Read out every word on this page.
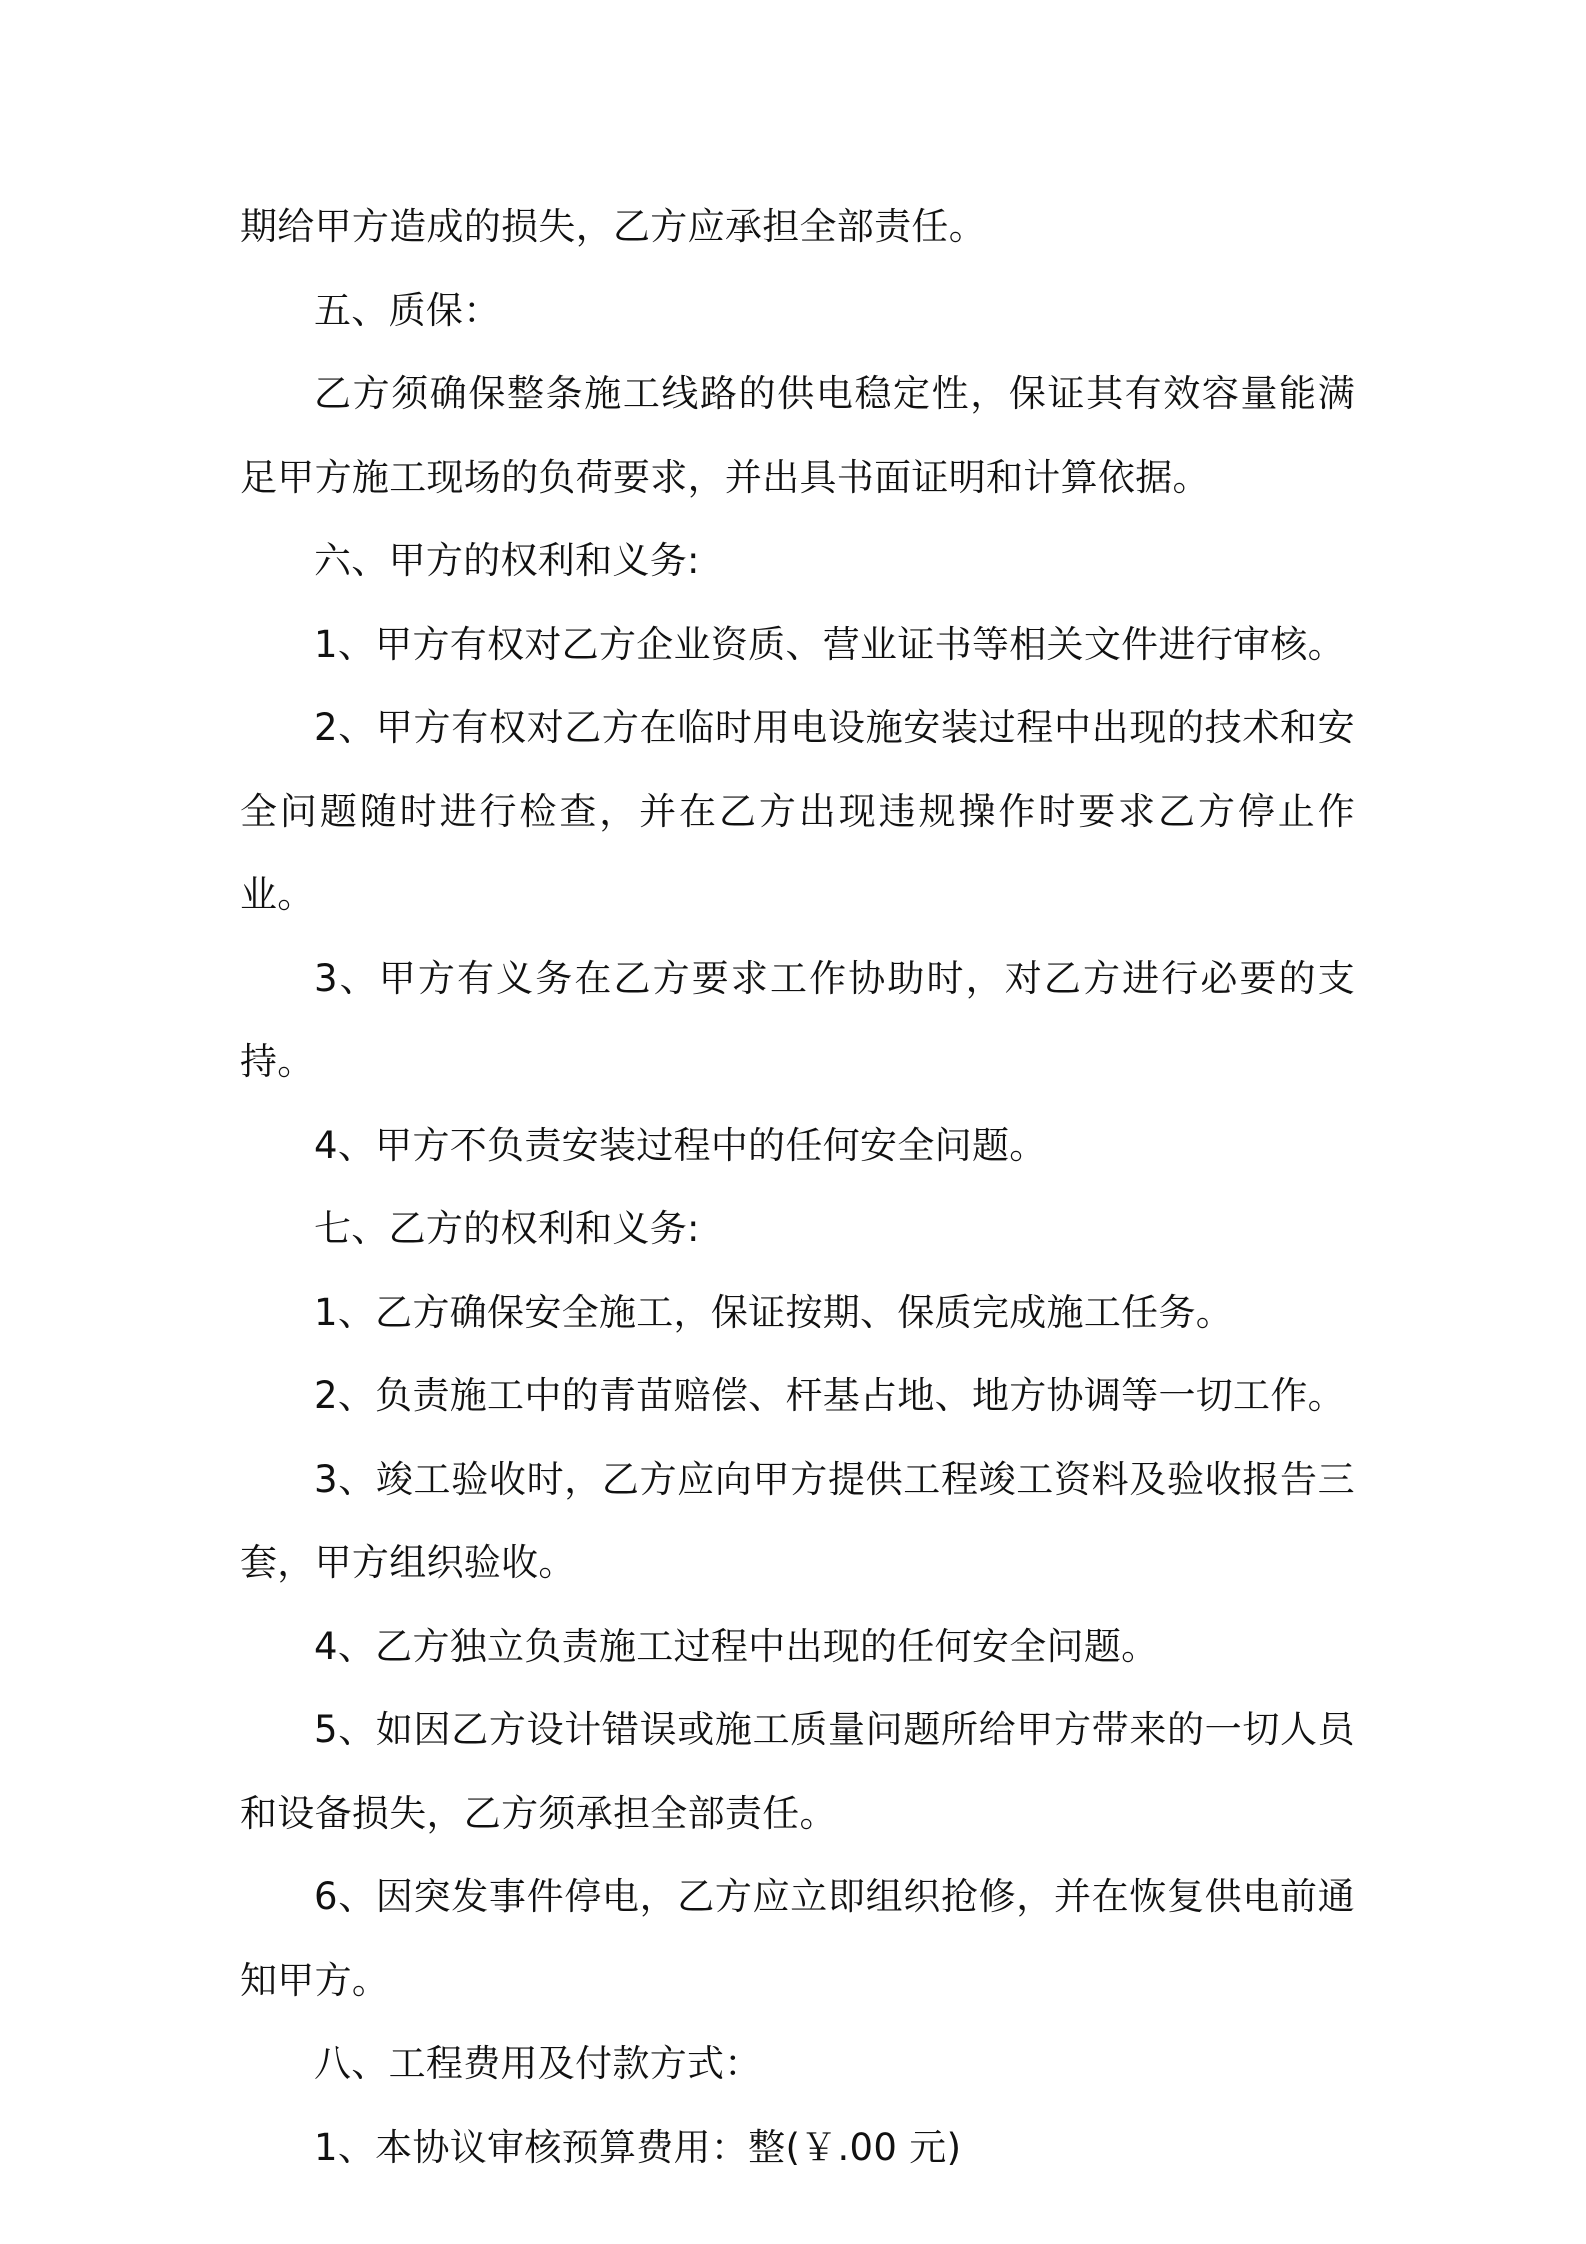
期给甲方造成的损失，乙方应承担全部责任。

五、质保：

乙方须确保整条施工线路的供电稳定性，保证其有效容量能满足甲方施工现场的负荷要求，并出具书面证明和计算依据。

六、甲方的权利和义务:

1、甲方有权对乙方企业资质、营业证书等相关文件进行审核。

2、甲方有权对乙方在临时用电设施安装过程中出现的技术和安全问题随时进行检查，并在乙方出现违规操作时要求乙方停止作业。

3、甲方有义务在乙方要求工作协助时，对乙方进行必要的支持。

4、甲方不负责安装过程中的任何安全问题。

七、乙方的权利和义务:

1、乙方确保安全施工，保证按期、保质完成施工任务。

2、负责施工中的青苗赔偿、杆基占地、地方协调等一切工作。

3、竣工验收时，乙方应向甲方提供工程竣工资料及验收报告三套，甲方组织验收。

4、乙方独立负责施工过程中出现的任何安全问题。

5、如因乙方设计错误或施工质量问题所给甲方带来的一切人员和设备损失，乙方须承担全部责任。

6、因突发事件停电，乙方应立即组织抢修，并在恢复供电前通知甲方。

八、工程费用及付款方式：

1、本协议审核预算费用：整(￥.00 元)
